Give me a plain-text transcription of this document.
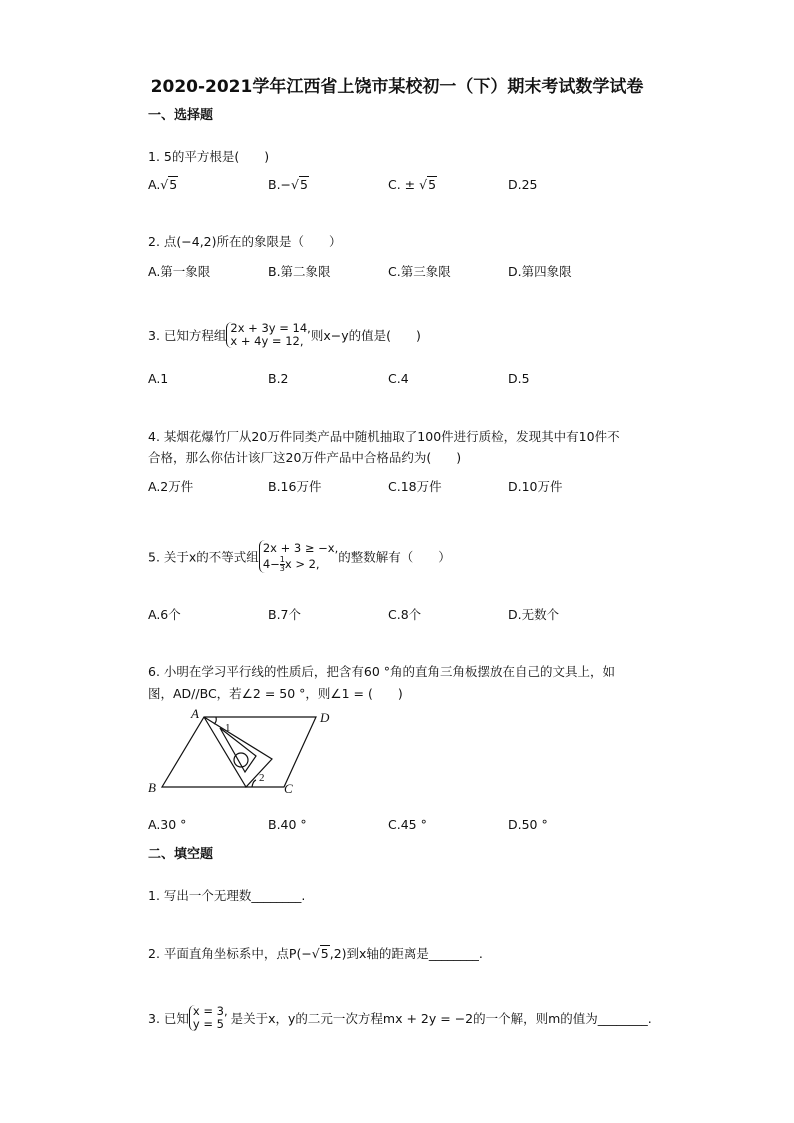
2020-2021学年江西省上饶市某校初一（下）期末考试数学试卷
一、选择题
1. 5的平方根是(　　)
A.√5	B.−√5	C. ± √5	D.25
2. 点(−4,2)所在的象限是（　　）
A.第一象限	B.第二象限	C.第三象限	D.第四象限
3. 已知方程组 2x + 3y = 14,
x + 4y = 12, 则x−y的值是(　　)
A.1	B.2	C.4	D.5
4. 某烟花爆竹厂从20万件同类产品中随机抽取了100件进行质检，发现其中有10件不
合格，那么你估计该厂这20万件产品中合格品约为(　　)
A.2万件	B.16万件	C.18万件	D.10万件
5. 关于x的不等式组
2x + 3 ≥ −x,
$4- \frac{1}{3}$ x > 2,	的整数解有（　　）
A.6个	B.7个	C.8个	D.无数个
6. 小明在学习平行线的性质后，把含有60 °角的直角三角板摆放在自己的文具上，如
图，AD//BC，若∠2 = 50 °，则∠1 = (　　)
A	D
B	C
1
2
A.30 °	B.40 °	C.45 °	D.50 °
二、填空题
1. 写出一个无理数________.
2. 平面直角坐标系中，点P(−√5,2)到x轴的距离是________.
3. 已知 x = 3,
y = 5 是关于x，y的二元一次方程mx + 2y = −2的一个解，则m的值为________.
